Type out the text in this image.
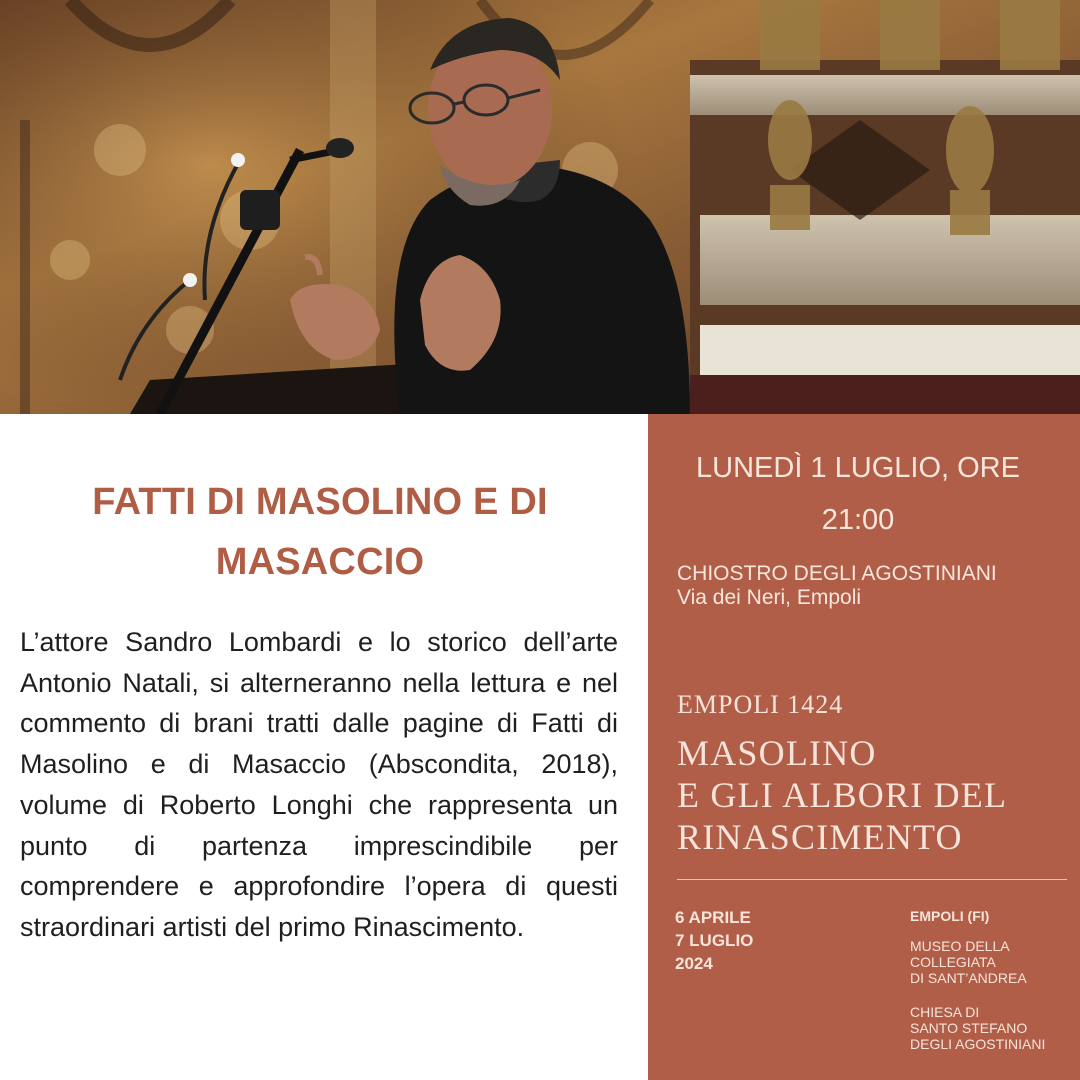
FATTI DI MASOLINO E DI MASACCIO
L’attore Sandro Lombardi e lo storico dell’arte Antonio Natali, si alterneranno nella lettura e nel commento di brani tratti dalle pagine di Fatti di Masolino e di Masaccio (Abscondita, 2018), volume di Roberto Longhi che rappresenta un punto di partenza imprescindibile per comprendere e approfondire l’opera di questi straordinari artisti del primo Rinascimento.
LUNEDÌ 1 LUGLIO, ORE 21:00
CHIOSTRO DEGLI AGOSTINIANI
Via dei Neri, Empoli
EMPOLI 1424
MASOLINO
E GLI ALBORI DEL
RINASCIMENTO
6 APRILE
7 LUGLIO
2024
EMPOLI (FI)
MUSEO DELLA
COLLEGIATA
DI SANT’ANDREA
CHIESA DI
SANTO STEFANO
DEGLI AGOSTINIANI
